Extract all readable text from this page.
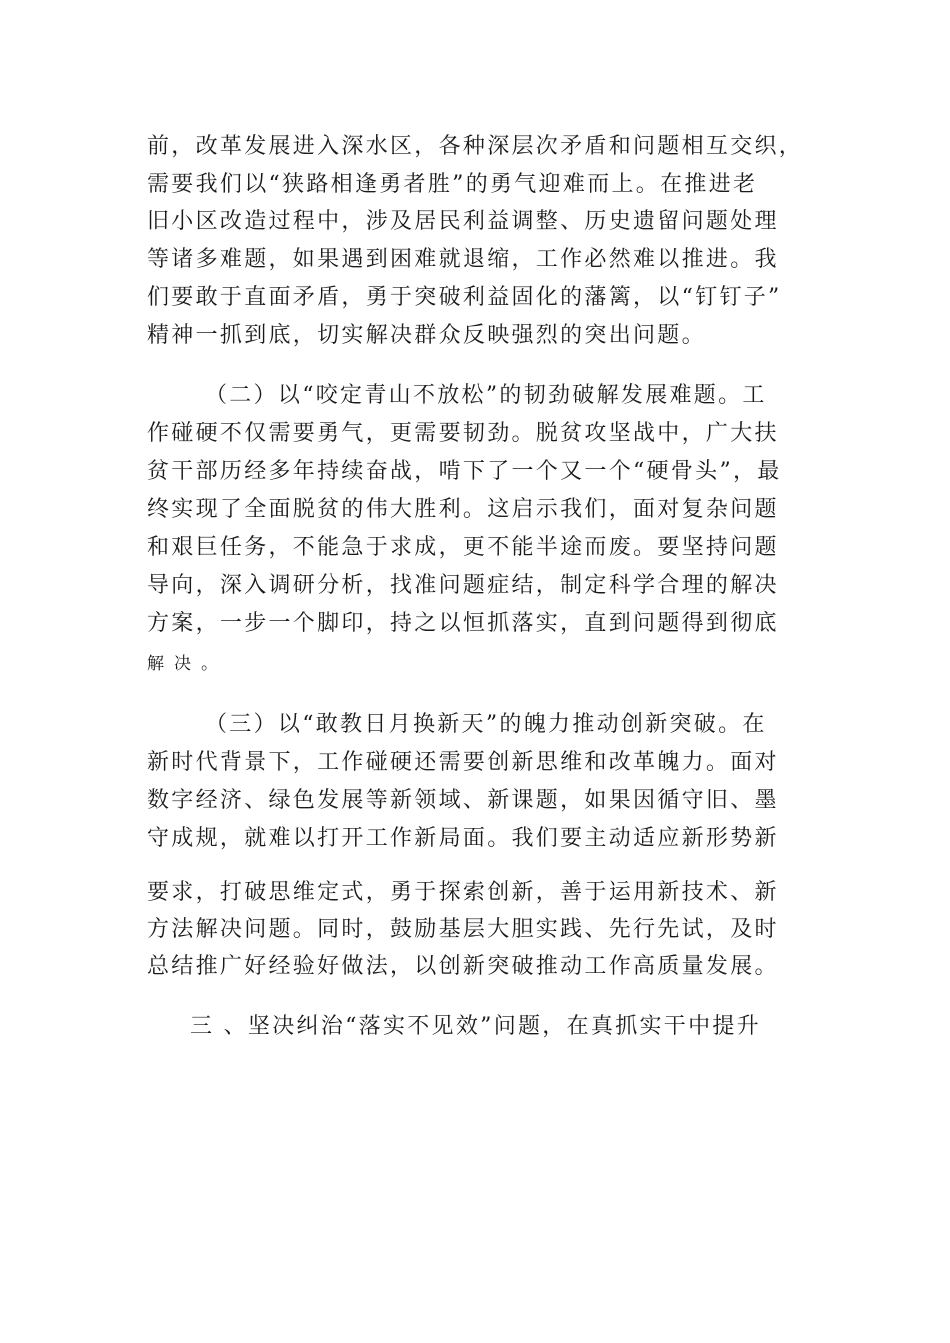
前，改革发展进入深水区，各种深层次矛盾和问题相互交织，
需要我们以“狭路相逢勇者胜”的勇气迎难而上。在推进老
旧小区改造过程中，涉及居民利益调整、历史遗留问题处理
等诸多难题，如果遇到困难就退缩，工作必然难以推进。我
们要敢于直面矛盾，勇于突破利益固化的藩篱，以“钉钉子”
精神一抓到底，切实解决群众反映强烈的突出问题。
（二）以“咬定青山不放松”的韧劲破解发展难题。工
作碰硬不仅需要勇气，更需要韧劲。脱贫攻坚战中，广大扶
贫干部历经多年持续奋战，啃下了一个又一个“硬骨头”，最
终实现了全面脱贫的伟大胜利。这启示我们，面对复杂问题
和艰巨任务，不能急于求成，更不能半途而废。要坚持问题
导向，深入调研分析，找准问题症结，制定科学合理的解决
方案，一步一个脚印，持之以恒抓落实，直到问题得到彻底
解决。
（三）以“敢教日月换新天”的魄力推动创新突破。在
新时代背景下，工作碰硬还需要创新思维和改革魄力。面对
数字经济、绿色发展等新领域、新课题，如果因循守旧、墨
守成规，就难以打开工作新局面。我们要主动适应新形势新
要求，打破思维定式，勇于探索创新，善于运用新技术、新
方法解决问题。同时，鼓励基层大胆实践、先行先试，及时
总结推广好经验好做法，以创新突破推动工作高质量发展。
三 、坚决纠治“落实不见效”问题，在真抓实干中提升
